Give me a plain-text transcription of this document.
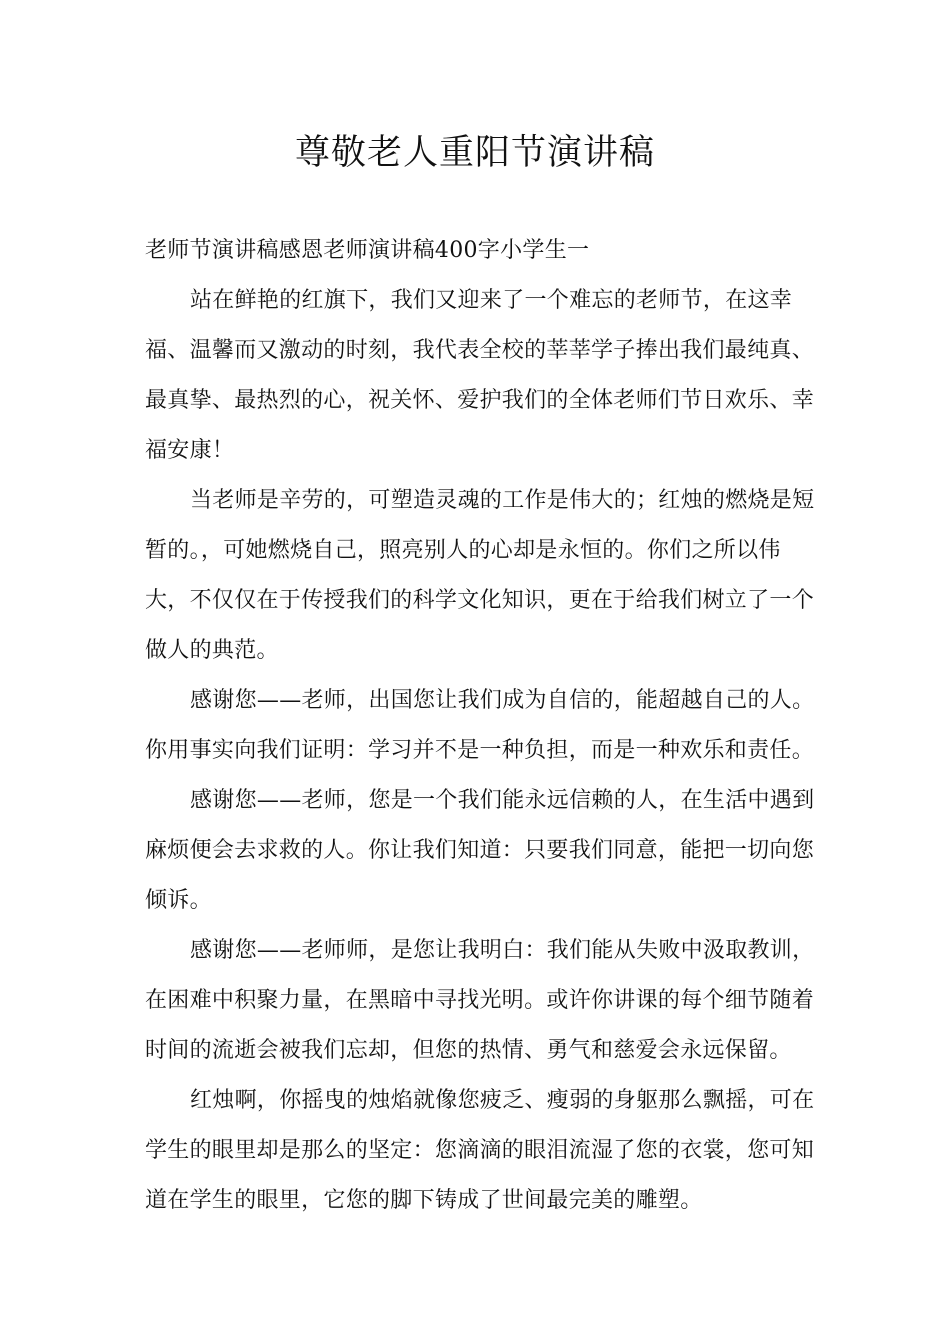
尊敬老人重阳节演讲稿

老师节演讲稿感恩老师演讲稿400字小学生一

站在鲜艳的红旗下，我们又迎来了一个难忘的老师节，在这幸福、温馨而又激动的时刻，我代表全校的莘莘学子捧出我们最纯真、最真挚、最热烈的心，祝关怀、爱护我们的全体老师们节日欢乐、幸福安康！

当老师是辛劳的，可塑造灵魂的工作是伟大的；红烛的燃烧是短暂的。，可她燃烧自己，照亮别人的心却是永恒的。你们之所以伟大，不仅仅在于传授我们的科学文化知识，更在于给我们树立了一个做人的典范。

感谢您——老师，出国您让我们成为自信的，能超越自己的人。你用事实向我们证明：学习并不是一种负担，而是一种欢乐和责任。

感谢您——老师，您是一个我们能永远信赖的人，在生活中遇到麻烦便会去求救的人。你让我们知道：只要我们同意，能把一切向您倾诉。

感谢您——老师师，是您让我明白：我们能从失败中汲取教训，在困难中积聚力量，在黑暗中寻找光明。或许你讲课的每个细节随着时间的流逝会被我们忘却，但您的热情、勇气和慈爱会永远保留。

红烛啊，你摇曳的烛焰就像您疲乏、瘦弱的身躯那么飘摇，可在学生的眼里却是那么的坚定：您滴滴的眼泪流湿了您的衣裳，您可知道在学生的眼里，它您的脚下铸成了世间最完美的雕塑。
